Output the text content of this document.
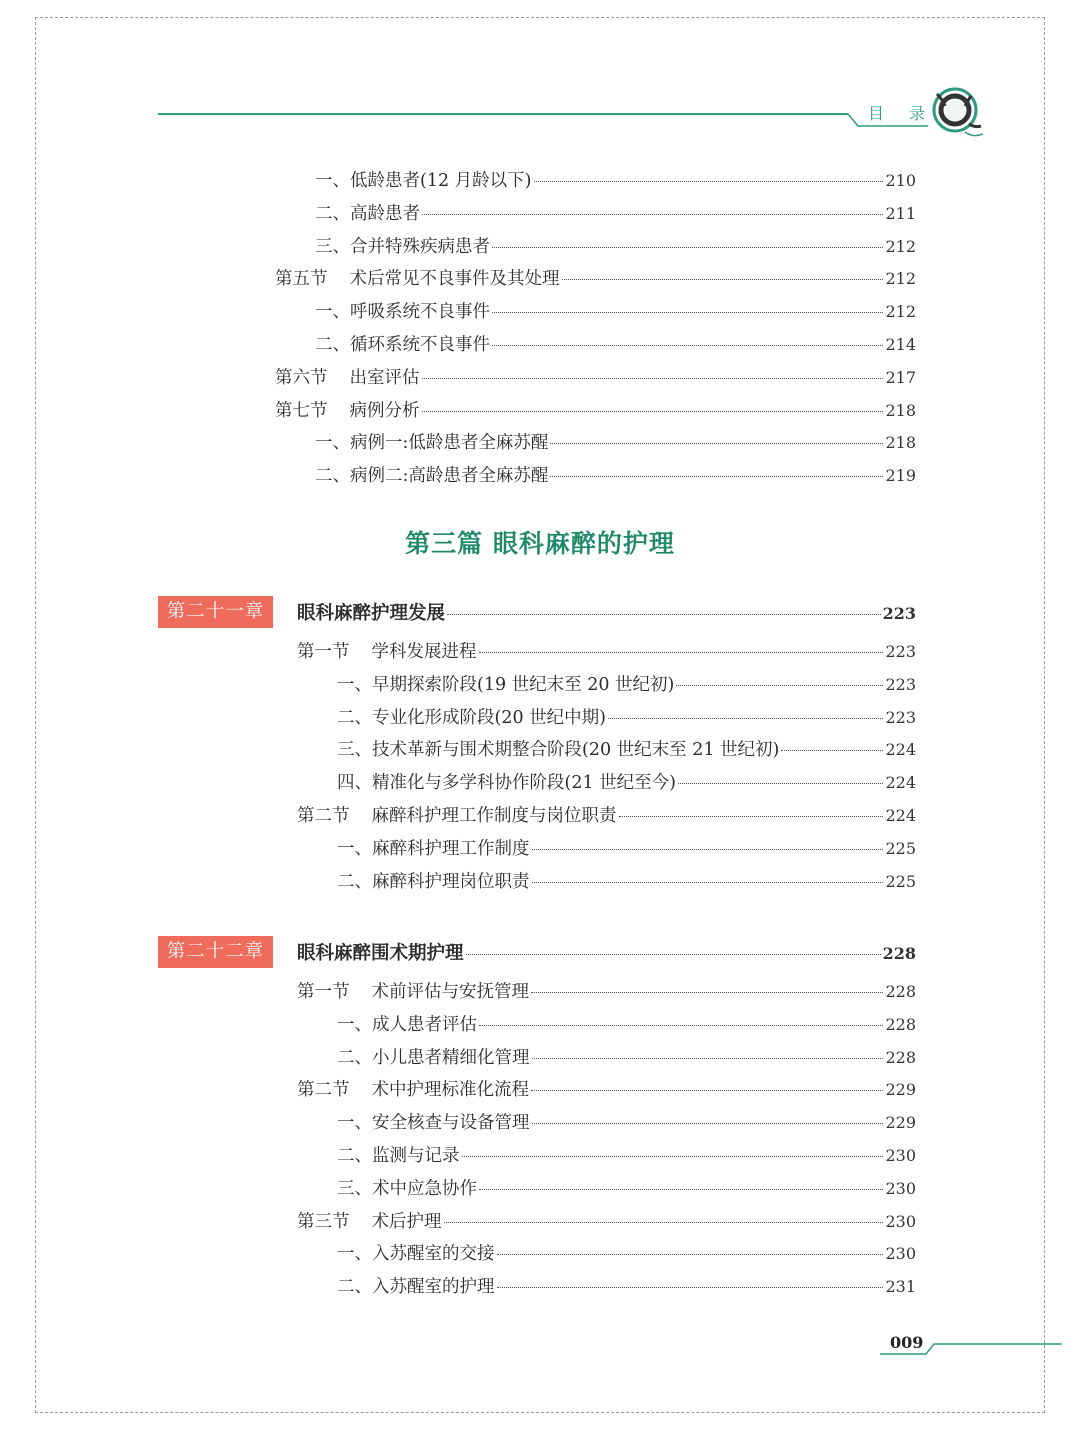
目 录
一、低龄患者(12 月龄以下)	210
二、高龄患者	211
三、合并特殊疾病患者	212
第五节 术后常见不良事件及其处理	212
一、呼吸系统不良事件	212
二、循环系统不良事件	214
第六节 出室评估	217
第七节 病例分析	218
一、病例一:低龄患者全麻苏醒	218
二、病例二:高龄患者全麻苏醒	219
第三篇 眼科麻醉的护理
第二十一章	眼科麻醉护理发展	223
第一节 学科发展进程	223
一、早期探索阶段(19 世纪末至 20 世纪初)	223
二、专业化形成阶段(20 世纪中期)	223
三、技术革新与围术期整合阶段(20 世纪末至 21 世纪初)	224
四、精准化与多学科协作阶段(21 世纪至今)	224
第二节 麻醉科护理工作制度与岗位职责	224
一、麻醉科护理工作制度	225
二、麻醉科护理岗位职责	225
第二十二章	眼科麻醉围术期护理	228
第一节 术前评估与安抚管理	228
一、成人患者评估	228
二、小儿患者精细化管理	228
第二节 术中护理标准化流程	229
一、安全核查与设备管理	229
二、监测与记录	230
三、术中应急协作	230
第三节 术后护理	230
一、入苏醒室的交接	230
二、入苏醒室的护理	231
009
